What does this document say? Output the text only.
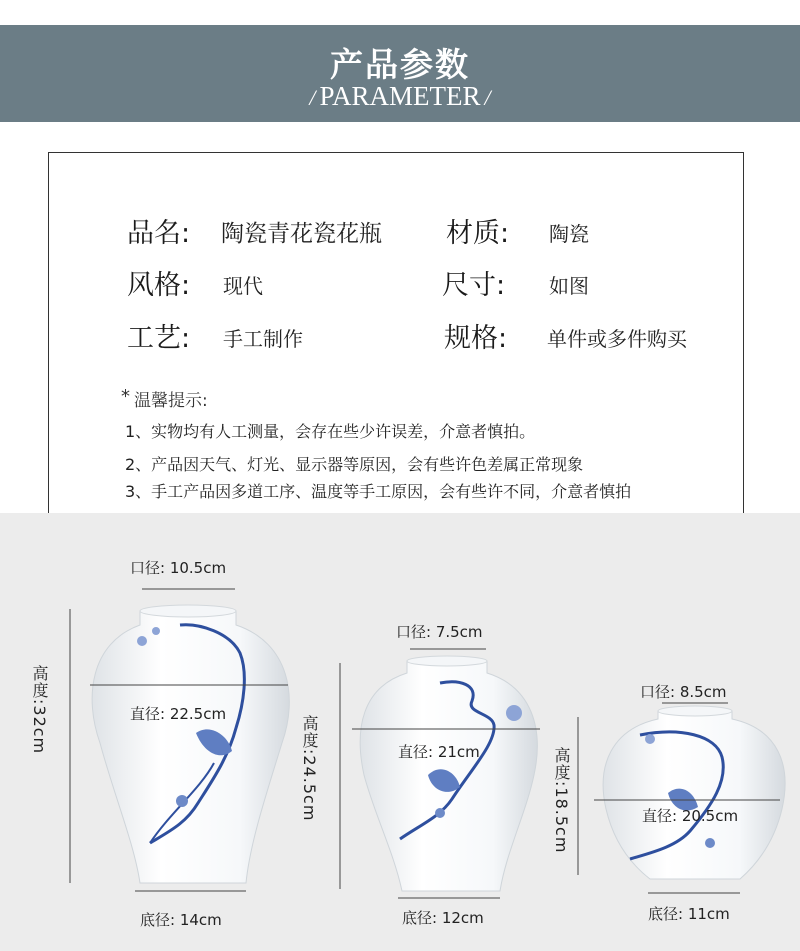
产品参数
/ PARAMETER /
品名: 陶瓷青花瓷花瓶 材质: 陶瓷
风格: 现代	尺寸: 如图
工艺: 手工制作	规格: 单件或多件购买
* 温馨提示:
1、实物均有人工测量，会存在些少许误差，介意者慎拍。
2、产品因天气、灯光、显示器等原因，会有些许色差属正常现象
3、手工产品因多道工序、温度等手工原因，会有些许不同，介意者慎拍
口径: 10.5cm
直径: 22.5cm
高度:32cm
底径: 14cm
口径: 7.5cm
直径: 21cm
高度:24.5cm
底径: 12cm
口径: 8.5cm
直径: 20.5cm
高度:18.5cm
底径: 11cm
